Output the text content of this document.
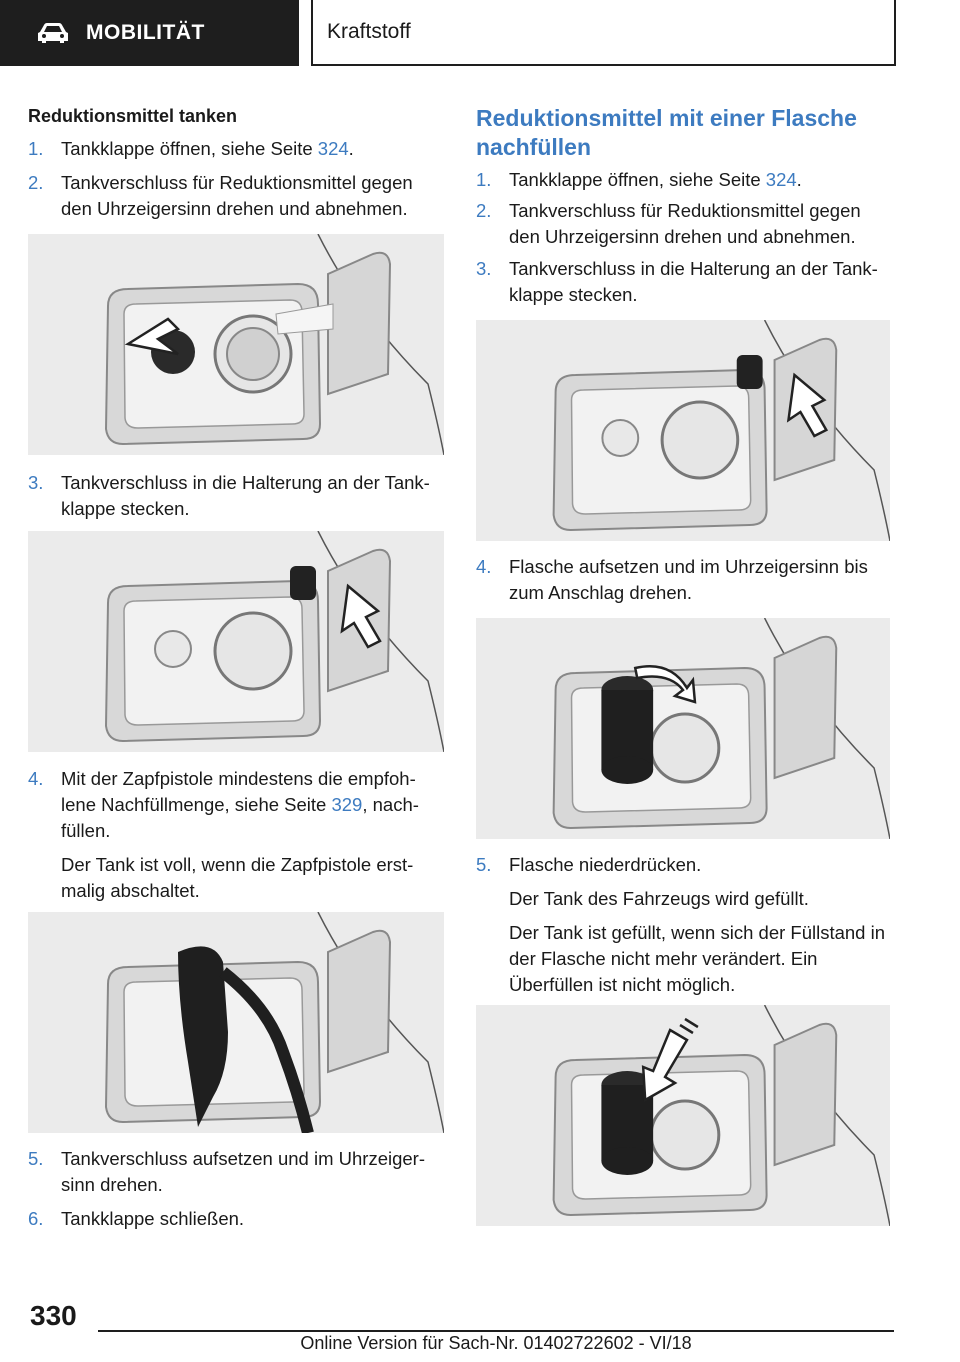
MOBILITÄT	Kraftstoff
Reduktionsmittel tanken
1. Tankklappe öffnen, siehe Seite 324.
2. Tankverschluss für Reduktionsmittel gegen den Uhrzeigersinn drehen und abnehmen.
3. Tankverschluss in die Halterung an der Tank‐ klappe stecken.
4. Mit der Zapfpistole mindestens die empfoh‐ lene Nachfüllmenge, siehe Seite 329, nach‐ füllen.
Der Tank ist voll, wenn die Zapfpistole erst‐ malig abschaltet.
5. Tankverschluss aufsetzen und im Uhrzeiger‐ sinn drehen.
6. Tankklappe schließen.
Reduktionsmittel mit einer Flasche nachfüllen
1. Tankklappe öffnen, siehe Seite 324.
2. Tankverschluss für Reduktionsmittel gegen den Uhrzeigersinn drehen und abnehmen.
3. Tankverschluss in die Halterung an der Tank‐ klappe stecken.
4. Flasche aufsetzen und im Uhrzeigersinn bis zum Anschlag drehen.
5. Flasche niederdrücken.
Der Tank des Fahrzeugs wird gefüllt.
Der Tank ist gefüllt, wenn sich der Füllstand in der Flasche nicht mehr verändert. Ein Überfüllen ist nicht möglich.
330
Online Version für Sach-Nr. 01402722602 - VI/18
